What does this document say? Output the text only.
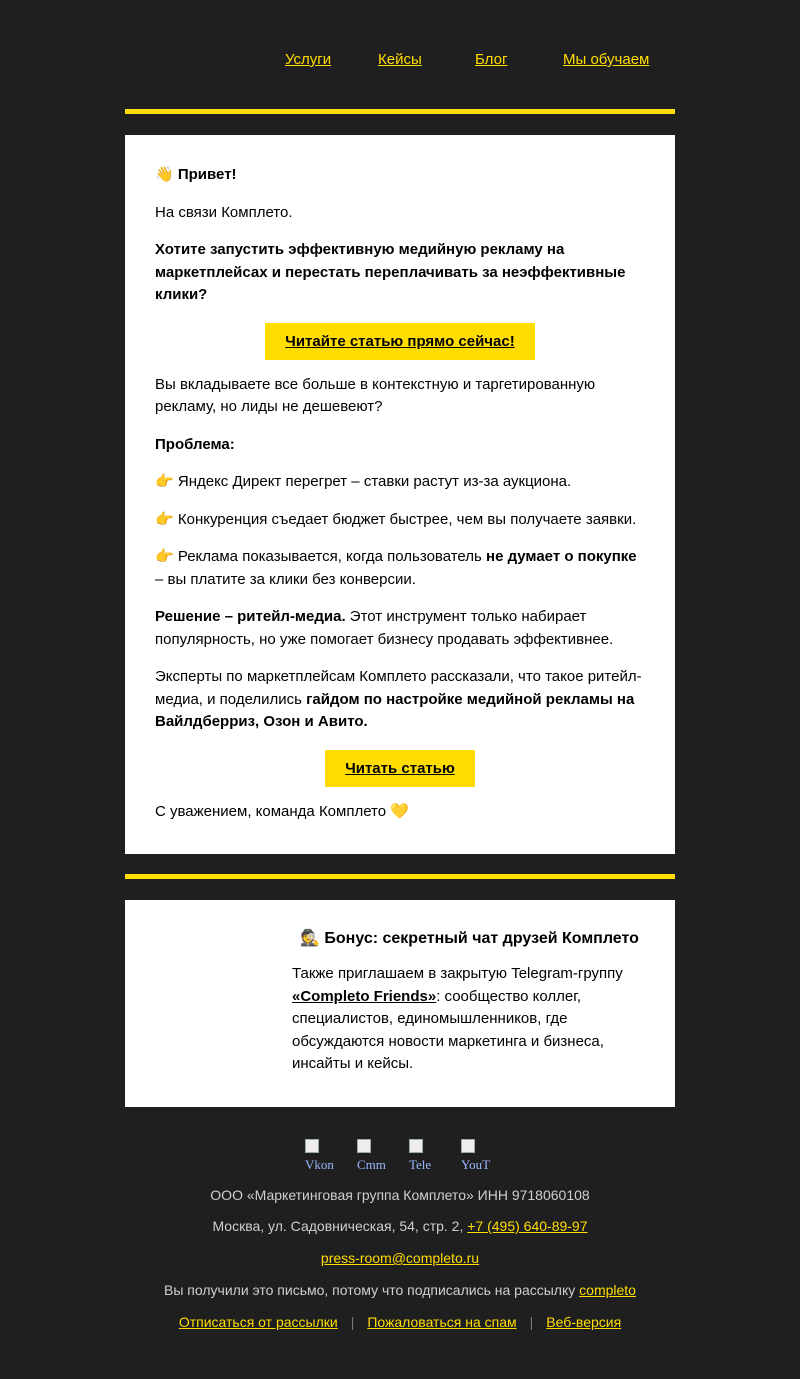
Услуги	Кейсы	Блог	Мы обучаем

👋 Привет!

На связи Комплето.

Хотите запустить эффективную медийную рекламу на маркетплейсах и перестать переплачивать за неэффективные клики?

Читайте статью прямо сейчас!

Вы вкладываете все больше в контекстную и таргетированную рекламу, но лиды не дешевеют?

Проблема:

👉 Яндекс Директ перегрет – ставки растут из-за аукциона.

👉 Конкуренция съедает бюджет быстрее, чем вы получаете заявки.

👉 Реклама показывается, когда пользователь не думает о покупке – вы платите за клики без конверсии.

Решение – ритейл-медиа. Этот инструмент только набирает популярность, но уже помогает бизнесу продавать эффективнее.

Эксперты по маркетплейсам Комплето рассказали, что такое ритейл-медиа, и поделились гайдом по настройке медийной рекламы на Вайлдберриз, Озон и Авито.

Читать статью

С уважением, команда Комплето 💛

🕵️ Бонус: секретный чат друзей Комплето
Также приглашаем в закрытую Telegram-группу «Completo Friends»: сообщество коллег, специалистов, единомышленников, где обсуждаются новости маркетинга и бизнеса, инсайты и кейсы.
Vkon	Cmm	Tele	YouT
ООО «Маркетинговая группа Комплето» ИНН 9718060108
Москва, ул. Садовническая, 54, стр. 2, +7 (495) 640-89-97
press-room@completo.ru
Вы получили это письмо, потому что подписались на рассылку completo
Отписаться от рассылки | Пожаловаться на спам | Веб-версия
